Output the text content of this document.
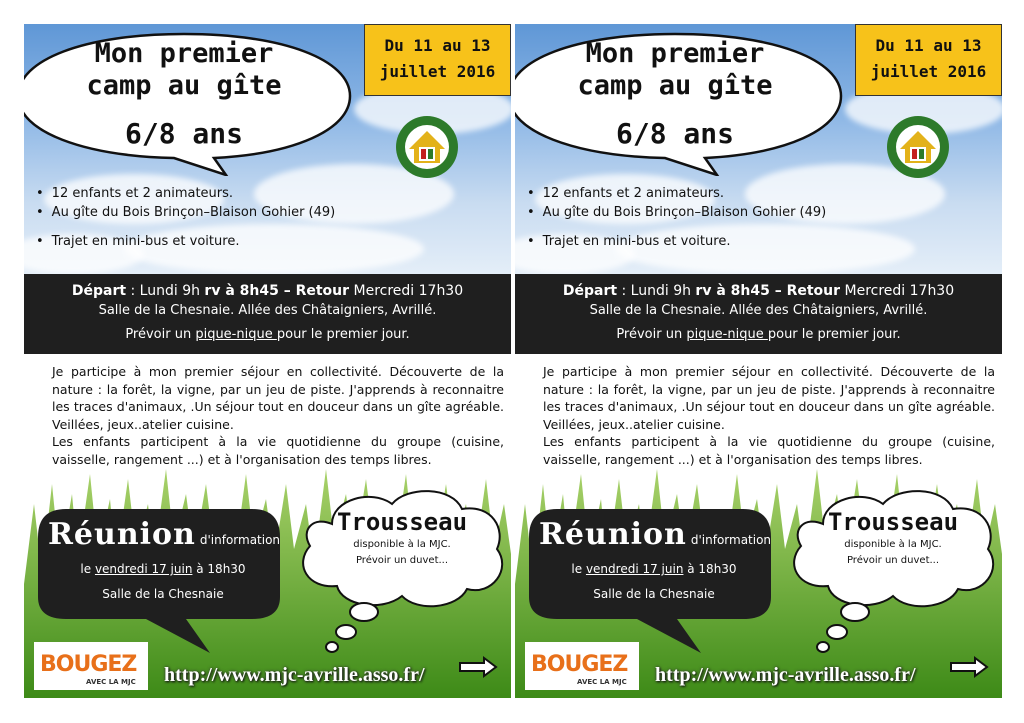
Mon premier
camp au gîte
6/8 ans
Du 11 au 13
juillet 2016
• 12 enfants et 2 animateurs.
• Au gîte du Bois Brinçon–Blaison Gohier (49)
• Trajet en mini-bus et voiture.
Départ : Lundi 9h rv à 8h45 – Retour Mercredi 17h30
Salle de la Chesnaie. Allée des Châtaigniers, Avrillé.
Prévoir un pique-nique pour le premier jour.

Je participe à mon premier séjour en collectivité. Découverte de la nature : la forêt, la vigne, par un jeu de piste. J'apprends à reconnaitre les traces d'animaux, .Un séjour tout en douceur dans un gîte agréable. Veillées, jeux..atelier cuisine.

Les enfants participent à la vie quotidienne du groupe (cuisine, vaisselle, rangement ...) et à l'organisation des temps libres.

Réunion d'information
le vendredi 17 juin à 18h30
Salle de la Chesnaie
Trousseau
disponible à la MJC.
Prévoir un duvet...
BOUGEZ
AVEC LA MJC http://www.mjc-avrille.asso.fr/
Mon premier
camp au gîte
6/8 ans
Du 11 au 13
juillet 2016
• 12 enfants et 2 animateurs.
• Au gîte du Bois Brinçon–Blaison Gohier (49)
• Trajet en mini-bus et voiture.
Départ : Lundi 9h rv à 8h45 – Retour Mercredi 17h30
Salle de la Chesnaie. Allée des Châtaigniers, Avrillé.
Prévoir un pique-nique pour le premier jour.

Je participe à mon premier séjour en collectivité. Découverte de la nature : la forêt, la vigne, par un jeu de piste. J'apprends à reconnaitre les traces d'animaux, .Un séjour tout en douceur dans un gîte agréable. Veillées, jeux..atelier cuisine.

Les enfants participent à la vie quotidienne du groupe (cuisine, vaisselle, rangement ...) et à l'organisation des temps libres.

Réunion d'information
le vendredi 17 juin à 18h30
Salle de la Chesnaie
Trousseau
disponible à la MJC.
Prévoir un duvet...
BOUGEZ
AVEC LA MJC http://www.mjc-avrille.asso.fr/
